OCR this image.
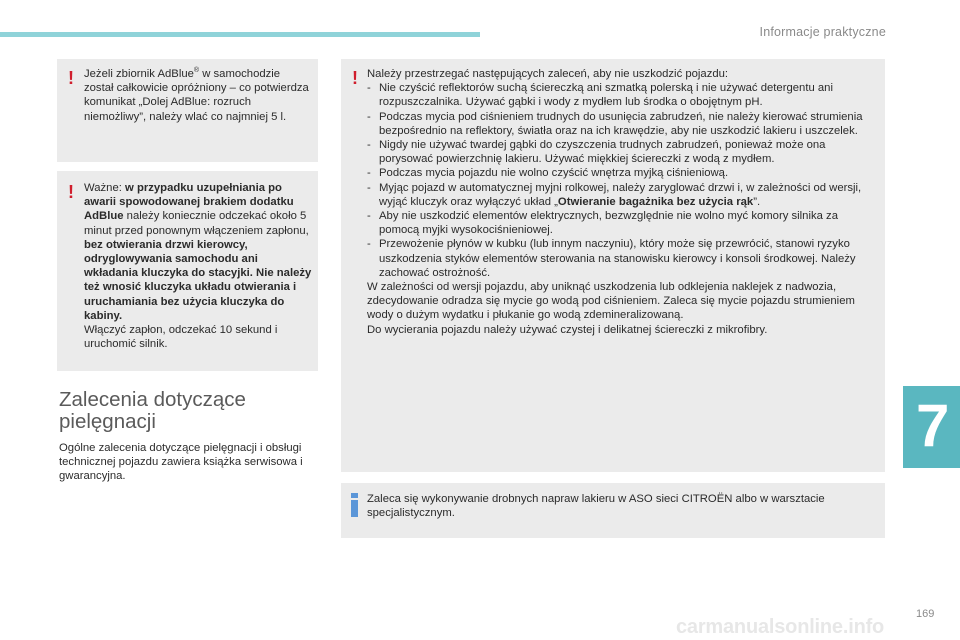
Informacje praktyczne
! Jeżeli zbiornik AdBlue® w samochodzie został całkowicie opróżniony – co potwierdza komunikat „Dolej AdBlue: rozruch niemożliwy”, należy wlać co najmniej 5 l.

! Ważne: w przypadku uzupełniania po awarii spowodowanej brakiem dodatku AdBlue należy koniecznie odczekać około 5 minut przed ponownym włączeniem zapłonu, bez otwierania drzwi kierowcy, odryglowywania samochodu ani wkładania kluczyka do stacyjki. Nie należy też wnosić kluczyka układu otwierania i uruchamiania bez użycia kluczyka do kabiny.

Włączyć zapłon, odczekać 10 sekund i uruchomić silnik.

Zalecenia dotyczące pielęgnacji

Ogólne zalecenia dotyczące pielęgnacji i obsługi technicznej pojazdu zawiera książka serwisowa i gwarancyjna.

! Należy przestrzegać następujących zaleceń, aby nie uszkodzić pojazdu:

- Nie czyścić reflektorów suchą ściereczką ani szmatką polerską i nie używać detergentu ani rozpuszczalnika. Używać gąbki i wody z mydłem lub środka o obojętnym pH.
- Podczas mycia pod ciśnieniem trudnych do usunięcia zabrudzeń, nie należy kierować strumienia bezpośrednio na reflektory, światła oraz na ich krawędzie, aby nie uszkodzić lakieru i uszczelek.
- Nigdy nie używać twardej gąbki do czyszczenia trudnych zabrudzeń, ponieważ może ona porysować powierzchnię lakieru. Używać miękkiej ściereczki z wodą z mydłem.
- Podczas mycia pojazdu nie wolno czyścić wnętrza myjką ciśnieniową.
- Myjąc pojazd w automatycznej myjni rolkowej, należy zaryglować drzwi i, w zależności od wersji, wyjąć kluczyk oraz wyłączyć układ „Otwieranie bagażnika bez użycia rąk”.
- Aby nie uszkodzić elementów elektrycznych, bezwzględnie nie wolno myć komory silnika za pomocą myjki wysokociśnieniowej.
- Przewożenie płynów w kubku (lub innym naczyniu), który może się przewrócić, stanowi ryzyko uszkodzenia styków elementów sterowania na stanowisku kierowcy i konsoli środkowej. Należy zachować ostrożność.

W zależności od wersji pojazdu, aby uniknąć uszkodzenia lub odklejenia naklejek z nadwozia, zdecydowanie odradza się mycie go wodą pod ciśnieniem. Zaleca się mycie pojazdu strumieniem wody o dużym wydatku i płukanie go wodą zdemineralizowaną.

Do wycierania pojazdu należy używać czystej i delikatnej ściereczki z mikrofibry.

Zaleca się wykonywanie drobnych napraw lakieru w ASO sieci CITROËN albo w warsztacie specjalistycznym.
7
169
carmanualsonline.info
